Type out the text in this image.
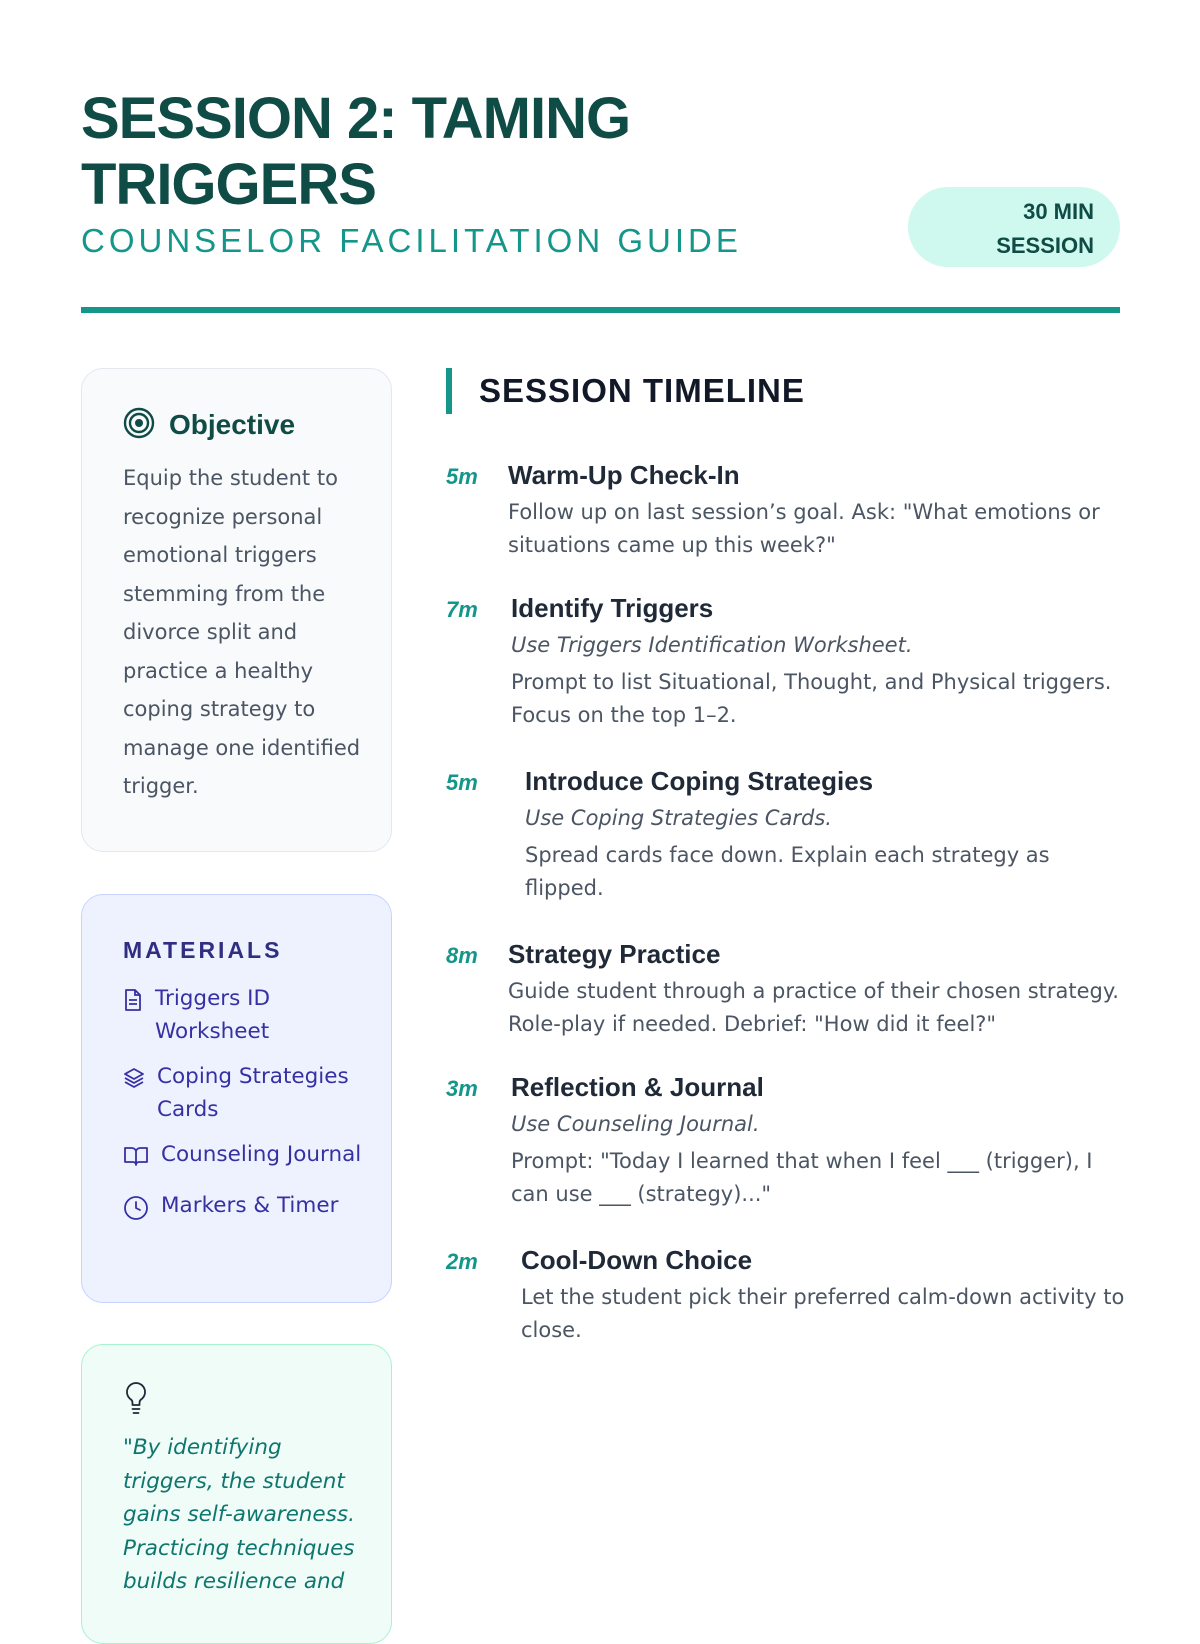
SESSION 2: TAMING TRIGGERS
COUNSELOR FACILITATION GUIDE
30 MIN
SESSION
Objective

Equip the student to recognize personal emotional triggers stemming from the divorce split and practice a healthy coping strategy to manage one identified trigger.

MATERIALS
Triggers ID Worksheet
Coping Strategies Cards
Counseling Journal
Markers & Timer

"By identifying triggers, the student gains self-awareness. Practicing techniques builds resilience and

SESSION TIMELINE
5m Warm-Up Check-In

Follow up on last session’s goal. Ask: "What emotions or situations came up this week?"

7m Identify Triggers

Use Triggers Identification Worksheet.

Prompt to list Situational, Thought, and Physical triggers. Focus on the top 1–2.

5m Introduce Coping Strategies

Use Coping Strategies Cards.

Spread cards face down. Explain each strategy as flipped.

8m Strategy Practice

Guide student through a practice of their chosen strategy. Role-play if needed. Debrief: "How did it feel?"

3m Reflection & Journal

Use Counseling Journal.

Prompt: "Today I learned that when I feel ___ (trigger), I can use ___ (strategy)..."

2m Cool-Down Choice

Let the student pick their preferred calm-down activity to close.
